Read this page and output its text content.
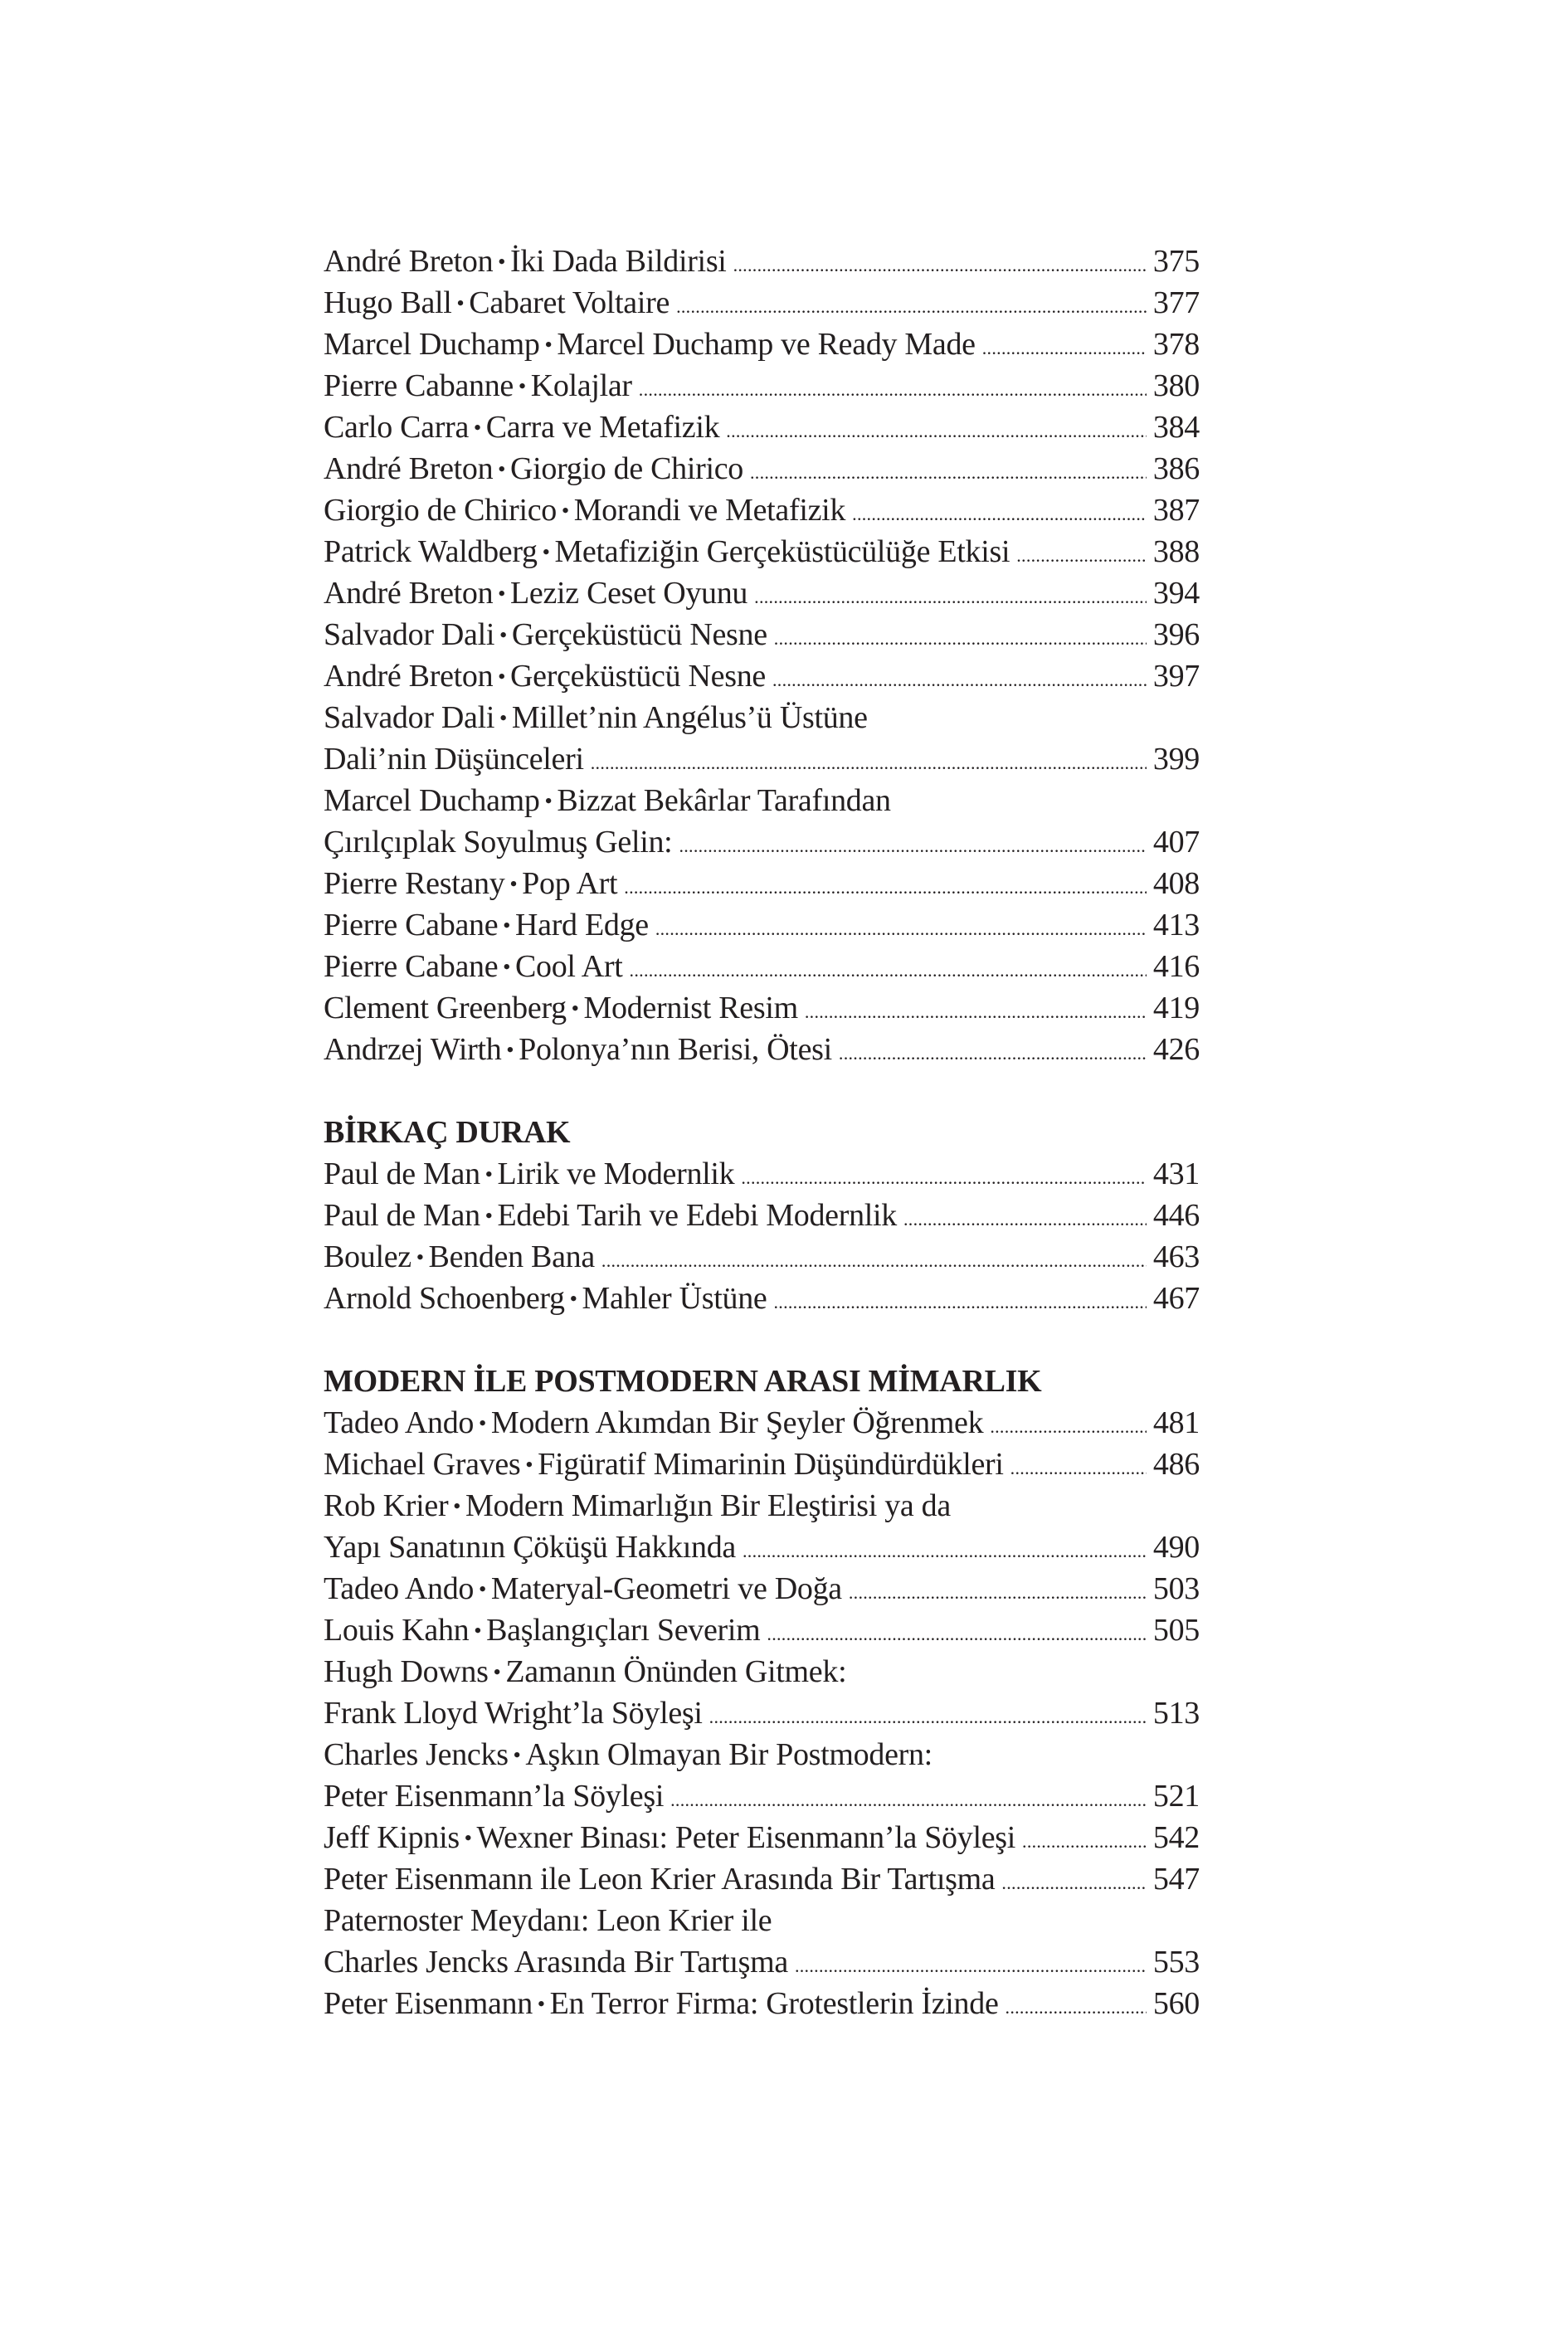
André Breton • İki Dada Bildirisi . . .	375
Hugo Ball • Cabaret Voltaire . . .	377
Marcel Duchamp • Marcel Duchamp ve Ready Made . . .	378
Pierre Cabanne • Kolajlar . . .	380
Carlo Carra • Carra ve Metafizik . . .	384
André Breton • Giorgio de Chirico . . .	386
Giorgio de Chirico • Morandi ve Metafizik . . .	387
Patrick Waldberg • Metafiziğin Gerçeküstücülüğe Etkisi . . .	388
André Breton • Leziz Ceset Oyunu . . .	394
Salvador Dali • Gerçeküstücü Nesne . . .	396
André Breton • Gerçeküstücü Nesne . . .	397
Salvador Dali • Millet’nin Angélus’ü Üstüne
Dali’nin Düşünceleri . . .	399
Marcel Duchamp • Bizzat Bekârlar Tarafından
Çırılçıplak Soyulmuş Gelin: . . .	407
Pierre Restany • Pop Art . . .	408
Pierre Cabane • Hard Edge . . .	413
Pierre Cabane • Cool Art . . .	416
Clement Greenberg • Modernist Resim . . .	419
Andrzej Wirth • Polonya’nın Berisi, Ötesi . . .	426
BİRKAÇ DURAK
Paul de Man • Lirik ve Modernlik . . .	431
Paul de Man • Edebi Tarih ve Edebi Modernlik . . .	446
Boulez • Benden Bana . . .	463
Arnold Schoenberg • Mahler Üstüne . . .	467
MODERN İLE POSTMODERN ARASI MİMARLIK
Tadeo Ando • Modern Akımdan Bir Şeyler Öğrenmek . . .	481
Michael Graves • Figüratif Mimarinin Düşündürdükleri . . .	486
Rob Krier • Modern Mimarlığın Bir Eleştirisi ya da
Yapı Sanatının Çöküşü Hakkında . . .	490
Tadeo Ando • Materyal-Geometri ve Doğa . . .	503
Louis Kahn • Başlangıçları Severim . . .	505
Hugh Downs • Zamanın Önünden Gitmek:
Frank Lloyd Wright’la Söyleşi . . .	513
Charles Jencks • Aşkın Olmayan Bir Postmodern:
Peter Eisenmann’la Söyleşi . . .	521
Jeff Kipnis • Wexner Binası: Peter Eisenmann’la Söyleşi . . .	542
Peter Eisenmann ile Leon Krier Arasında Bir Tartışma . . .	547
Paternoster Meydanı: Leon Krier ile
Charles Jencks Arasında Bir Tartışma . . .	553
Peter Eisenmann • En Terror Firma: Grotestlerin İzinde . . .	560
